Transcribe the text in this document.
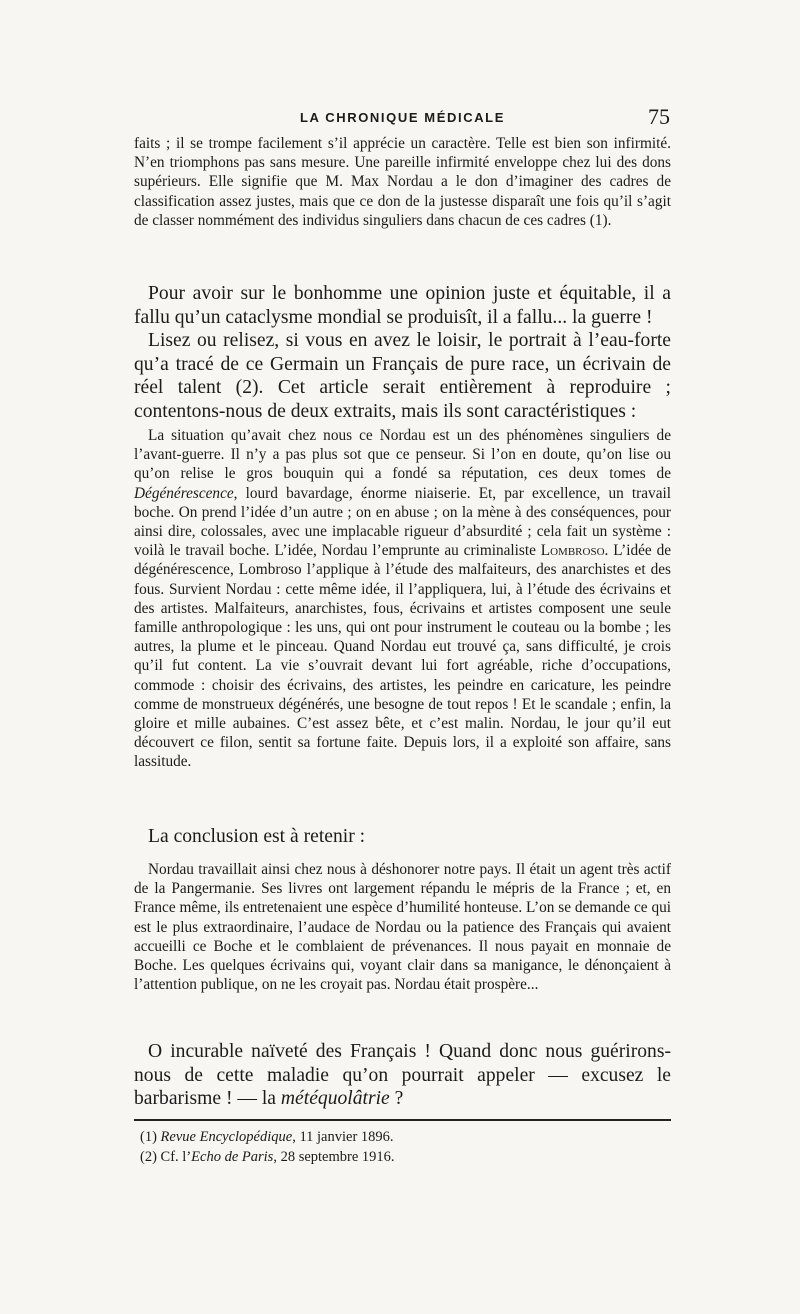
LA CHRONIQUE MÉDICALE	75

faits ; il se trompe facilement s’il apprécie un caractère. Telle est bien son infirmité. N’en triomphons pas sans mesure. Une pareille infirmité enveloppe chez lui des dons supérieurs. Elle signifie que M. Max Nordau a le don d’imaginer des cadres de classification assez justes, mais que ce don de la justesse disparaît une fois qu’il s’agit de classer nommément des individus singuliers dans chacun de ces cadres (1).

Pour avoir sur le bonhomme une opinion juste et équitable, il a fallu qu’un cataclysme mondial se produisît, il a fallu... la guerre !

Lisez ou relisez, si vous en avez le loisir, le portrait à l’eau-forte qu’a tracé de ce Germain un Français de pure race, un écrivain de réel talent (2). Cet article serait entièrement à reproduire ; contentons-nous de deux extraits, mais ils sont caractéristiques :

La situation qu’avait chez nous ce Nordau est un des phénomènes singuliers de l’avant-guerre. Il n’y a pas plus sot que ce penseur. Si l’on en doute, qu’on lise ou qu’on relise le gros bouquin qui a fondé sa réputation, ces deux tomes de Dégénérescence, lourd bavardage, énorme niaiserie. Et, par excellence, un travail boche. On prend l’idée d’un autre ; on en abuse ; on la mène à des conséquences, pour ainsi dire, colossales, avec une implacable rigueur d’absurdité ; cela fait un système : voilà le travail boche. L’idée, Nordau l’emprunte au criminaliste Lombroso. L’idée de dégénérescence, Lombroso l’applique à l’étude des malfaiteurs, des anarchistes et des fous. Survient Nordau : cette même idée, il l’appliquera, lui, à l’étude des écrivains et des artistes. Malfaiteurs, anarchistes, fous, écrivains et artistes composent une seule famille anthropologique : les uns, qui ont pour instrument le couteau ou la bombe ; les autres, la plume et le pinceau. Quand Nordau eut trouvé ça, sans difficulté, je crois qu’il fut content. La vie s’ouvrait devant lui fort agréable, riche d’occupations, commode : choisir des écrivains, des artistes, les peindre en caricature, les peindre comme de monstrueux dégénérés, une besogne de tout repos ! Et le scandale ; enfin, la gloire et mille aubaines. C’est assez bête, et c’est malin. Nordau, le jour qu’il eut découvert ce filon, sentit sa fortune faite. Depuis lors, il a exploité son affaire, sans lassitude.

La conclusion est à retenir :

Nordau travaillait ainsi chez nous à déshonorer notre pays. Il était un agent très actif de la Pangermanie. Ses livres ont largement répandu le mépris de la France ; et, en France même, ils entretenaient une espèce d’humilité honteuse. L’on se demande ce qui est le plus extraordinaire, l’audace de Nordau ou la patience des Français qui avaient accueilli ce Boche et le comblaient de prévenances. Il nous payait en monnaie de Boche. Les quelques écrivains qui, voyant clair dans sa manigance, le dénonçaient à l’attention publique, on ne les croyait pas. Nordau était prospère...

O incurable naïveté des Français ! Quand donc nous guérirons-nous de cette maladie qu’on pourrait appeler — excusez le barbarisme ! — la météquolâtrie ?

(1) Revue Encyclopédique, 11 janvier 1896.

(2) Cf. l’Echo de Paris, 28 septembre 1916.
